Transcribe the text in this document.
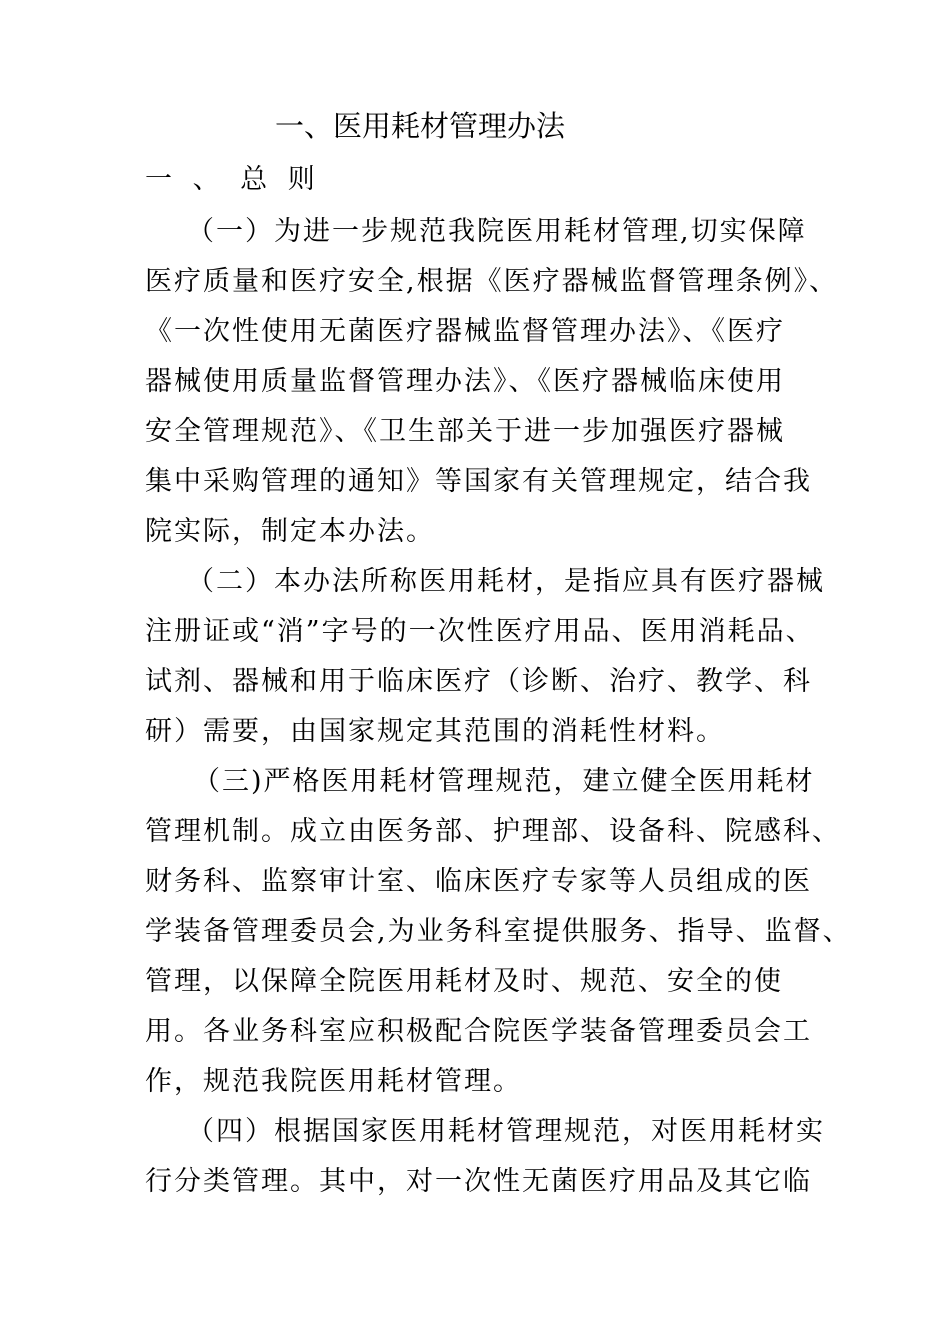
一、医用耗材管理办法
一 、 总 则
（一）为进一步规范我院医用耗材管理,切实保障
医疗质量和医疗安全,根据《医疗器械监督管理条例》、
《一次性使用无菌医疗器械监督管理办法》、《医疗
器械使用质量监督管理办法》、《医疗器械临床使用
安全管理规范》、《卫生部关于进一步加强医疗器械
集中采购管理的通知》等国家有关管理规定，结合我
院实际，制定本办法。
（二）本办法所称医用耗材，是指应具有医疗器械
注册证或“消”字号的一次性医疗用品、医用消耗品、
试剂、器械和用于临床医疗（诊断、治疗、教学、科
研）需要，由国家规定其范围的消耗性材料。
（三)严格医用耗材管理规范，建立健全医用耗材
管理机制。成立由医务部、护理部、设备科、院感科、
财务科、监察审计室、临床医疗专家等人员组成的医
学装备管理委员会,为业务科室提供服务、指导、监督、
管理，以保障全院医用耗材及时、规范、安全的使
用。各业务科室应积极配合院医学装备管理委员会工
作，规范我院医用耗材管理。
（四）根据国家医用耗材管理规范，对医用耗材实
行分类管理。其中，对一次性无菌医疗用品及其它临
